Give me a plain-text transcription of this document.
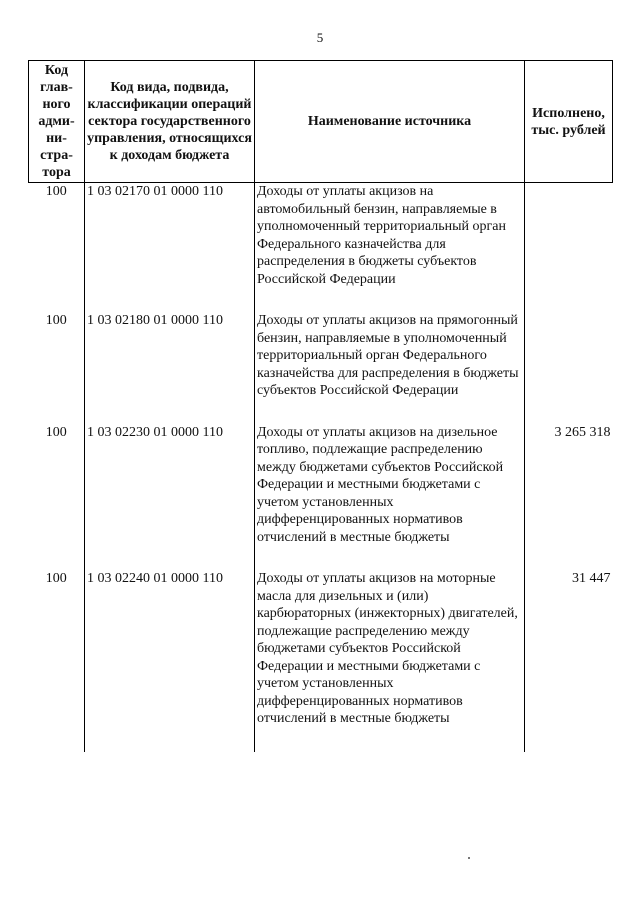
5
Код глав-ного адми-ни-стра-тора	Код вида, подвида, классификации операций сектора государственного управления, относящихся к доходам бюджета	Наименование источника	Исполнено, тыс. рублей
100	1 03 02170 01 0000 110	Доходы от уплаты акцизов на автомобильный бензин, направляемые в уполномоченный территориальный орган Федерального казначейства для распределения в бюджеты субъектов Российской Федерации	
100	1 03 02180 01 0000 110	Доходы от уплаты акцизов на прямогонный бензин, направляемые в уполномоченный территориальный орган Федерального казначейства для распределения в бюджеты субъектов Российской Федерации	
100	1 03 02230 01 0000 110	Доходы от уплаты акцизов на дизельное топливо, подлежащие распределению между бюджетами субъектов Российской Федерации и местными бюджетами с учетом установленных дифференцированных нормативов отчислений в местные бюджеты	3 265 318
100	1 03 02240 01 0000 110	Доходы от уплаты акцизов на моторные масла для дизельных и (или) карбюраторных (инжекторных) двигателей, подлежащие распределению между бюджетами субъектов Российской Федерации и местными бюджетами с учетом установленных дифференцированных нормативов отчислений в местные бюджеты	31 447
